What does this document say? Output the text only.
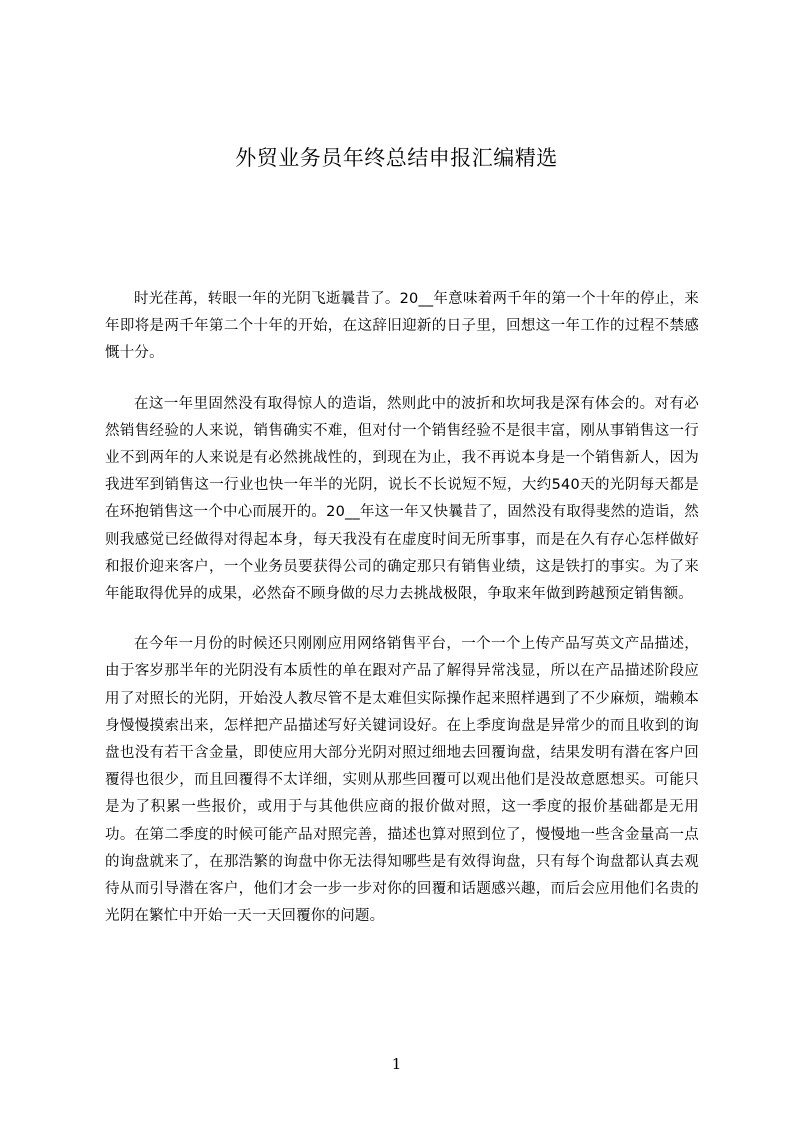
外贸业务员年终总结申报汇编精选

时光荏苒，转眼一年的光阴飞逝曩昔了。20__年意味着两千年的第一个十年的停止，来年即将是两千年第二个十年的开始，在这辞旧迎新的日子里，回想这一年工作的过程不禁感慨十分。

在这一年里固然没有取得惊人的造诣，然则此中的波折和坎坷我是深有体会的。对有必然销售经验的人来说，销售确实不难，但对付一个销售经验不是很丰富，刚从事销售这一行业不到两年的人来说是有必然挑战性的，到现在为止，我不再说本身是一个销售新人，因为我进军到销售这一行业也快一年半的光阴，说长不长说短不短，大约540天的光阴每天都是在环抱销售这一个中心而展开的。20__年这一年又快曩昔了，固然没有取得斐然的造诣，然则我感觉已经做得对得起本身，每天我没有在虚度时间无所事事，而是在久有存心怎样做好和报价迎来客户，一个业务员要获得公司的确定那只有销售业绩，这是铁打的事实。为了来年能取得优异的成果，必然奋不顾身做的尽力去挑战极限，争取来年做到跨越预定销售额。

在今年一月份的时候还只刚刚应用网络销售平台，一个一个上传产品写英文产品描述，由于客岁那半年的光阴没有本质性的单在跟对产品了解得异常浅显，所以在产品描述阶段应用了对照长的光阴，开始没人教尽管不是太难但实际操作起来照样遇到了不少麻烦，端赖本身慢慢摸索出来，怎样把产品描述写好关键词设好。在上季度询盘是异常少的而且收到的询盘也没有若干含金量，即使应用大部分光阴对照过细地去回覆询盘，结果发明有潜在客户回覆得也很少，而且回覆得不太详细，实则从那些回覆可以观出他们是没故意愿想买。可能只是为了积累一些报价，或用于与其他供应商的报价做对照，这一季度的报价基础都是无用功。在第二季度的时候可能产品对照完善，描述也算对照到位了，慢慢地一些含金量高一点的询盘就来了，在那浩繁的询盘中你无法得知哪些是有效得询盘，只有每个询盘都认真去观待从而引导潜在客户，他们才会一步一步对你的回覆和话题感兴趣，而后会应用他们名贵的光阴在繁忙中开始一天一天回覆你的问题。

1
